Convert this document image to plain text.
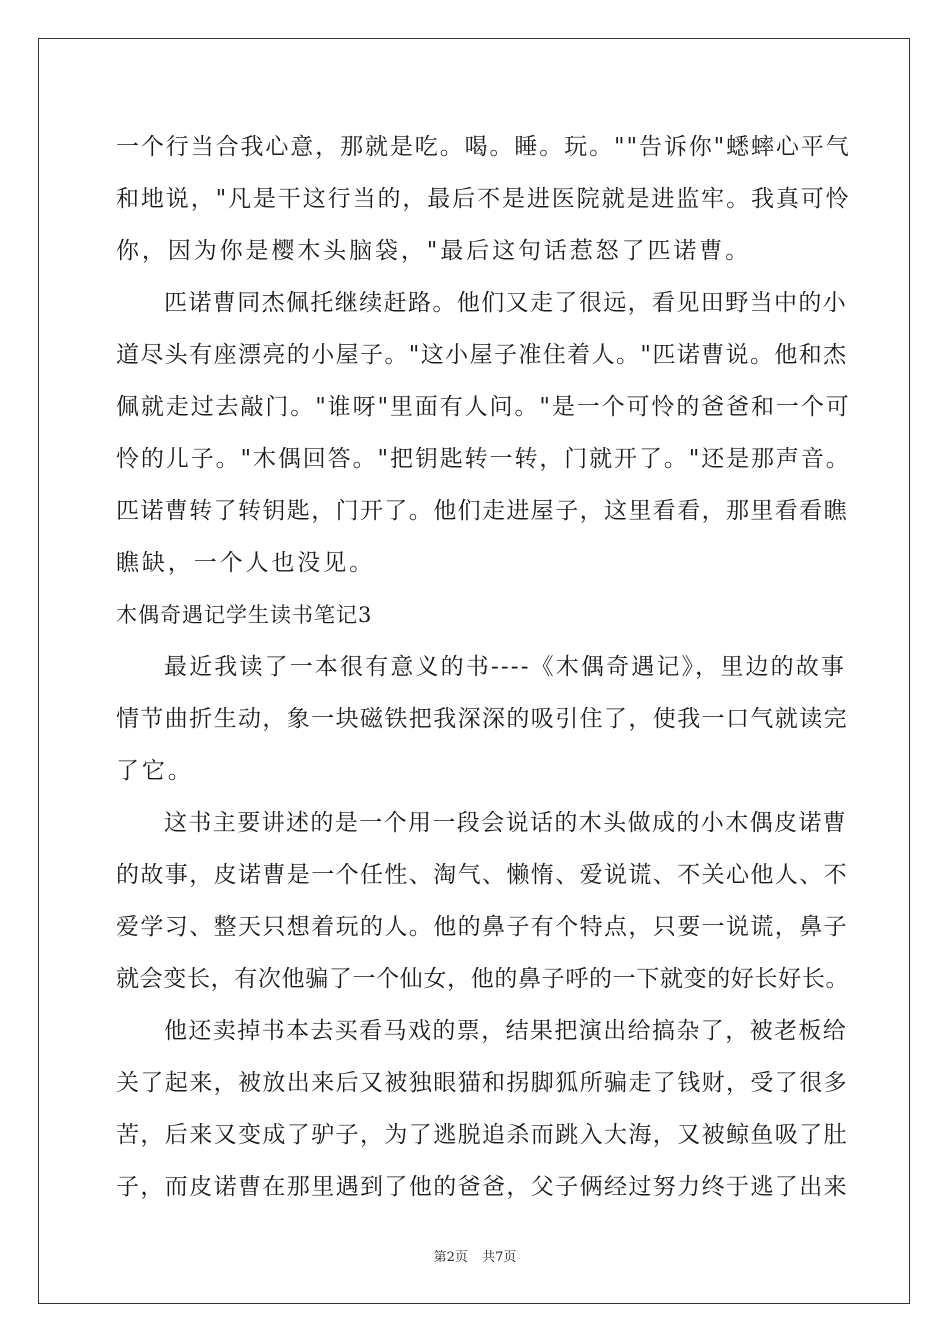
一个行当合我心意，那就是吃。喝。睡。玩。""告诉你"蟋蟀心平气
和地说，"凡是干这行当的，最后不是进医院就是进监牢。我真可怜
你，因为你是樱木头脑袋，"最后这句话惹怒了匹诺曹。
匹诺曹同杰佩托继续赶路。他们又走了很远，看见田野当中的小
道尽头有座漂亮的小屋子。"这小屋子准住着人。"匹诺曹说。他和杰
佩就走过去敲门。"谁呀"里面有人问。"是一个可怜的爸爸和一个可
怜的儿子。"木偶回答。"把钥匙转一转，门就开了。"还是那声音。
匹诺曹转了转钥匙，门开了。他们走进屋子，这里看看，那里看看瞧
瞧缺，一个人也没见。
木偶奇遇记学生读书笔记3
最近我读了一本很有意义的书----《木偶奇遇记》，里边的故事
情节曲折生动，象一块磁铁把我深深的吸引住了，使我一口气就读完
了它。
这书主要讲述的是一个用一段会说话的木头做成的小木偶皮诺曹
的故事，皮诺曹是一个任性、淘气、懒惰、爱说谎、不关心他人、不
爱学习、整天只想着玩的人。他的鼻子有个特点，只要一说谎，鼻子
就会变长，有次他骗了一个仙女，他的鼻子呼的一下就变的好长好长。
他还卖掉书本去买看马戏的票，结果把演出给搞杂了，被老板给
关了起来，被放出来后又被独眼猫和拐脚狐所骗走了钱财，受了很多
苦，后来又变成了驴子，为了逃脱追杀而跳入大海，又被鲸鱼吸了肚
子，而皮诺曹在那里遇到了他的爸爸，父子俩经过努力终于逃了出来
第2页 共7页
